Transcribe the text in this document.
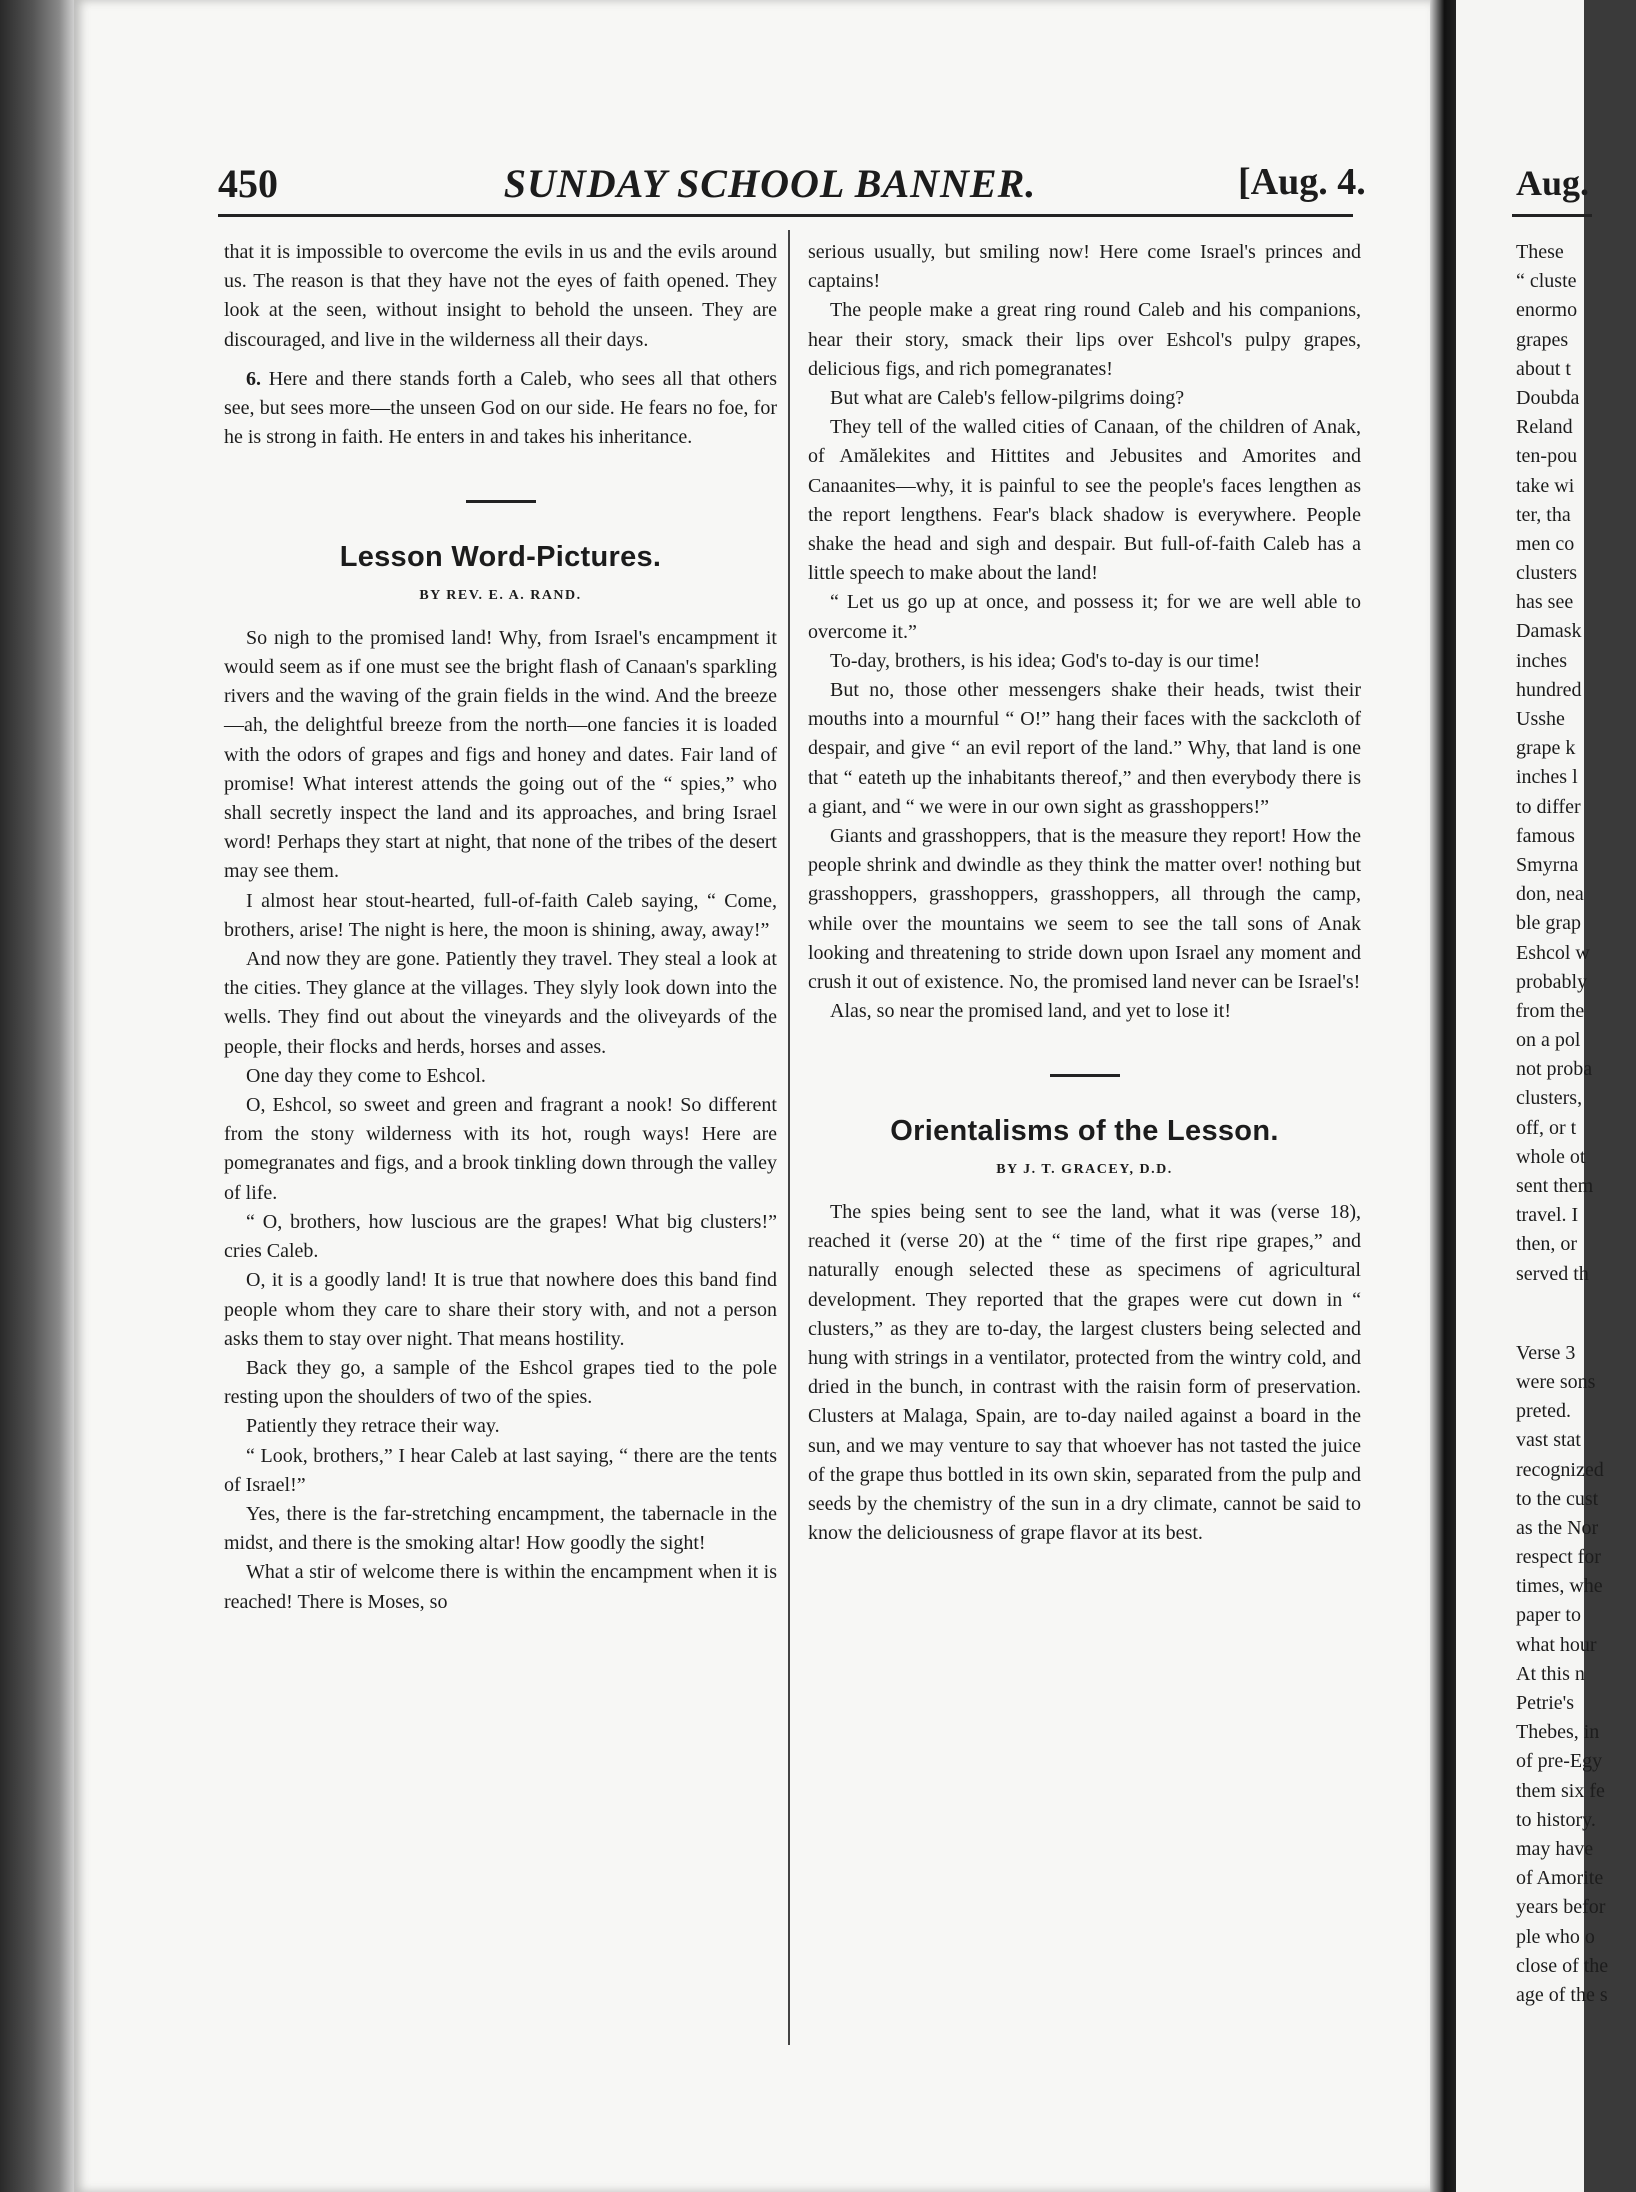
450	SUNDAY SCHOOL BANNER.	[Aug. 4.

that it is impossible to overcome the evils in us and the evils around us. The reason is that they have not the eyes of faith opened. They look at the seen, without insight to behold the unseen. They are discouraged, and live in the wilderness all their days.

6. Here and there stands forth a Caleb, who sees all that others see, but sees more—the unseen God on our side. He fears no foe, for he is strong in faith. He enters in and takes his inheritance.

Lesson Word-Pictures.
BY REV. E. A. RAND.

So nigh to the promised land! Why, from Israel's encampment it would seem as if one must see the bright flash of Canaan's sparkling rivers and the waving of the grain fields in the wind. And the breeze—ah, the delightful breeze from the north—one fancies it is loaded with the odors of grapes and figs and honey and dates. Fair land of promise! What interest attends the going out of the “ spies,” who shall secretly inspect the land and its approaches, and bring Israel word! Perhaps they start at night, that none of the tribes of the desert may see them.

I almost hear stout-hearted, full-of-faith Caleb saying, “ Come, brothers, arise! The night is here, the moon is shining, away, away!”

And now they are gone. Patiently they travel. They steal a look at the cities. They glance at the villages. They slyly look down into the wells. They find out about the vineyards and the oliveyards of the people, their flocks and herds, horses and asses.

One day they come to Eshcol.

O, Eshcol, so sweet and green and fragrant a nook! So different from the stony wilderness with its hot, rough ways! Here are pomegranates and figs, and a brook tinkling down through the valley of life.

“ O, brothers, how luscious are the grapes! What big clusters!” cries Caleb.

O, it is a goodly land! It is true that nowhere does this band find people whom they care to share their story with, and not a person asks them to stay over night. That means hostility.

Back they go, a sample of the Eshcol grapes tied to the pole resting upon the shoulders of two of the spies.

Patiently they retrace their way.

“ Look, brothers,” I hear Caleb at last saying, “ there are the tents of Israel!”

Yes, there is the far-stretching encampment, the tabernacle in the midst, and there is the smoking altar! How goodly the sight!

What a stir of welcome there is within the encampment when it is reached! There is Moses, so

serious usually, but smiling now! Here come Israel's princes and captains!

The people make a great ring round Caleb and his companions, hear their story, smack their lips over Eshcol's pulpy grapes, delicious figs, and rich pomegranates!

But what are Caleb's fellow-pilgrims doing?

They tell of the walled cities of Canaan, of the children of Anak, of Amălekites and Hittites and Jebusites and Amorites and Canaanites—why, it is painful to see the people's faces lengthen as the report lengthens. Fear's black shadow is everywhere. People shake the head and sigh and despair. But full-of-faith Caleb has a little speech to make about the land!

“ Let us go up at once, and possess it; for we are well able to overcome it.”

To-day, brothers, is his idea; God's to-day is our time!

But no, those other messengers shake their heads, twist their mouths into a mournful “ O!” hang their faces with the sackcloth of despair, and give “ an evil report of the land.” Why, that land is one that “ eateth up the inhabitants thereof,” and then everybody there is a giant, and “ we were in our own sight as grasshoppers!”

Giants and grasshoppers, that is the measure they report! How the people shrink and dwindle as they think the matter over! nothing but grasshoppers, grasshoppers, grasshoppers, all through the camp, while over the mountains we seem to see the tall sons of Anak looking and threatening to stride down upon Israel any moment and crush it out of existence. No, the promised land never can be Israel's!

Alas, so near the promised land, and yet to lose it!

Orientalisms of the Lesson.
BY J. T. GRACEY, D.D.

The spies being sent to see the land, what it was (verse 18), reached it (verse 20) at the “ time of the first ripe grapes,” and naturally enough selected these as specimens of agricultural development. They reported that the grapes were cut down in “ clusters,” as they are to-day, the largest clusters being selected and hung with strings in a ventilator, protected from the wintry cold, and dried in the bunch, in contrast with the raisin form of preservation. Clusters at Malaga, Spain, are to-day nailed against a board in the sun, and we may venture to say that whoever has not tasted the juice of the grape thus bottled in its own skin, separated from the pulp and seeds by the chemistry of the sun in a dry climate, cannot be said to know the deliciousness of grape flavor at its best.

Aug.
These
“ cluste
enormo
grapes
about t
Doubda
Reland
ten-pou
take wi
ter, tha
men co
clusters
has see
Damask
inches
hundred
Usshe
grape k
inches l
to differ
famous
Smyrna
don, nea
ble grap
Eshcol w
probably
from the
on a pol
not proba
clusters,
off, or t
whole ot
sent them
travel. I
then, or
served th
Verse 3
were sons
preted.
vast stat
recognized
to the cust
as the Nor
respect for
times, whe
paper to
what hour
At this n
Petrie's
Thebes, in
of pre-Egy
them six fe
to history.
may have
of Amorite
years befor
ple who o
close of the
age of the s
